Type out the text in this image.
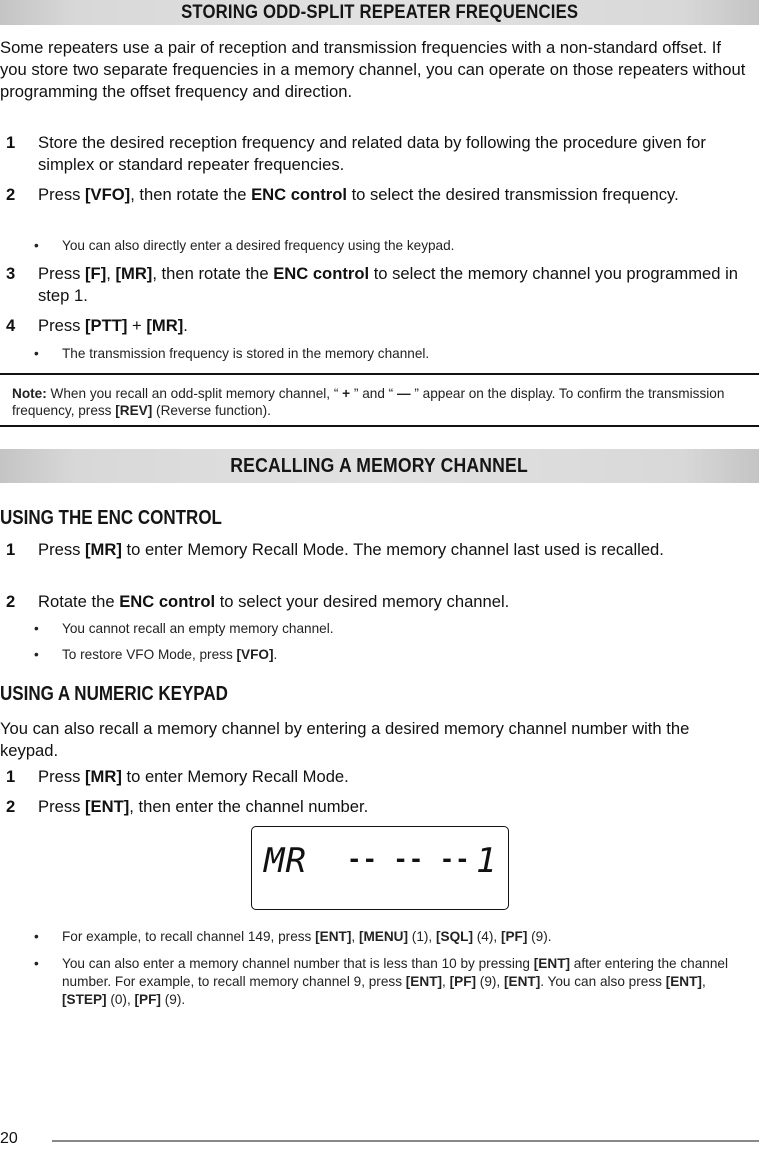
STORING ODD-SPLIT REPEATER FREQUENCIES
Some repeaters use a pair of reception and transmission frequencies with a non-standard offset. If you store two separate frequencies in a memory channel, you can operate on those repeaters without programming the offset frequency and direction.
1 Store the desired reception frequency and related data by following the procedure given for simplex or standard repeater frequencies.
2 Press [VFO], then rotate the ENC control to select the desired transmission frequency.
•	You can also directly enter a desired frequency using the keypad.
3 Press [F], [MR], then rotate the ENC control to select the memory channel you programmed in step 1.
4 Press [PTT] + [MR].
•	The transmission frequency is stored in the memory channel.
Note: When you recall an odd-split memory channel, “ + ” and “ — ” appear on the display. To confirm the transmission frequency, press [REV] (Reverse function).
RECALLING A MEMORY CHANNEL
USING THE ENC CONTROL
1 Press [MR] to enter Memory Recall Mode. The memory channel last used is recalled.
2 Rotate the ENC control to select your desired memory channel.
•	You cannot recall an empty memory channel.
•	To restore VFO Mode, press [VFO].
USING A NUMERIC KEYPAD
You can also recall a memory channel by entering a desired memory channel number with the keypad.
1 Press [MR] to enter Memory Recall Mode.
2 Press [ENT], then enter the channel number.
MR -- -- -- 1
•	For example, to recall channel 149, press [ENT], [MENU] (1), [SQL] (4), [PF] (9).
•	You can also enter a memory channel number that is less than 10 by pressing [ENT] after entering the channel number. For example, to recall memory channel 9, press [ENT], [PF] (9), [ENT]. You can also press [ENT], [STEP] (0), [PF] (9).
20
